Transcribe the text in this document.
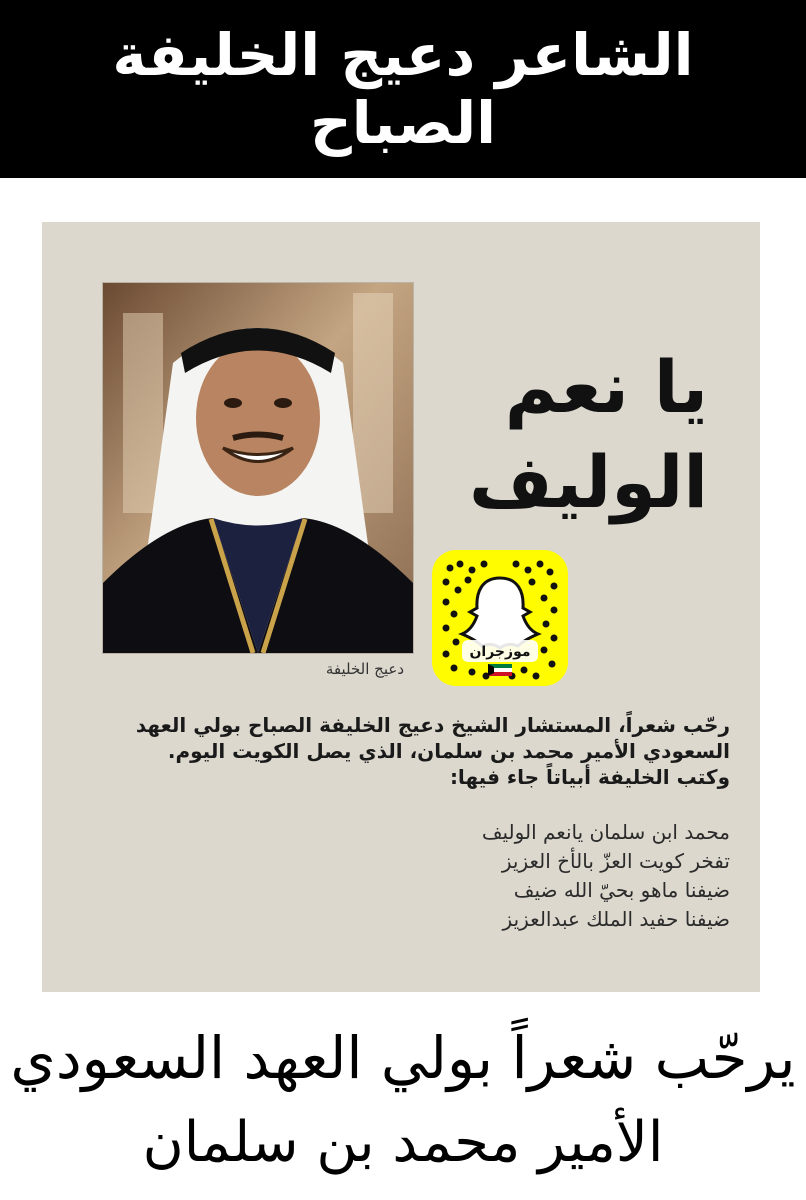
الشاعر دعيج الخليفة
الصباح
دعيج الخليفة
يا نعم
الوليف
موزجران
رحّب شعراً، المستشار الشيخ دعيج الخليفة الصباح بولي العهد
السعودي الأمير محمد بن سلمان، الذي يصل الكويت اليوم.
وكتب الخليفة أبياتاً جاء فيها:
محمد ابن سلمان يانعم الوليف
تفخر كويت العزّ بالأخ العزيز
ضيفنا ماهو بحيّ الله ضيف
ضيفنا حفيد الملك عبدالعزيز
يرحّب شعراً بولي العهد السعودي
الأمير محمد بن سلمان
